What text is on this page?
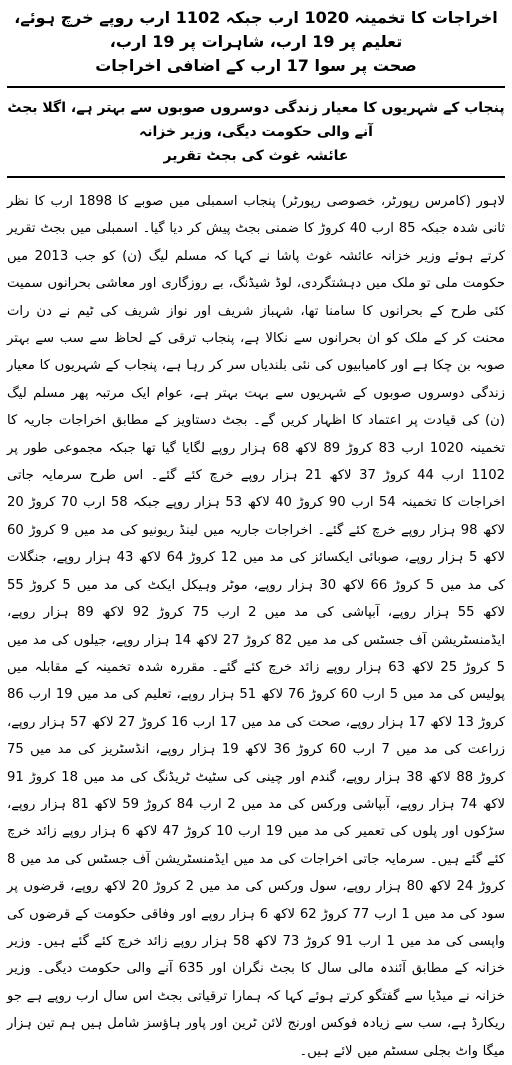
اخراجات کا تخمینہ 1020 ارب جبکہ 1102 ارب روپے خرچ ہوئے، تعلیم پر 19 ارب، شاہرات پر 19 ارب،
صحت پر سوا 17 ارب کے اضافی اخراجات
پنجاب کے شہریوں کا معیار زندگی دوسروں صوبوں سے بہتر ہے، اگلا بجٹ آنے والی حکومت دیگی، وزیر خزانہ
عائشہ غوث کی بجٹ تقریر
لاہور (کامرس رپورٹر، خصوصی رپورٹر) پنجاب اسمبلی میں صوبے کا 1898 ارب کا نظر ثانی شدہ جبکہ 85 ارب 40 کروڑ کا ضمنی بجٹ پیش کر دیا گیا۔ اسمبلی میں بجٹ تقریر کرتے ہوئے وزیر خزانہ عائشہ غوث پاشا نے کہا کہ مسلم لیگ (ن) کو جب 2013 میں حکومت ملی تو ملک میں دہشتگردی، لوڈ شیڈنگ، بے روزگاری اور معاشی بحرانوں سمیت کئی طرح کے بحرانوں کا سامنا تھا، شہباز شریف اور نواز شریف کی ٹیم نے دن رات محنت کر کے ملک کو ان بحرانوں سے نکالا ہے، پنجاب ترقی کے لحاظ سے سب سے بہتر صوبہ بن چکا ہے اور کامیابیوں کی نئی بلندیاں سر کر رہا ہے، پنجاب کے شہریوں کا معیار زندگی دوسروں صوبوں کے شہریوں سے بہت بہتر ہے، عوام ایک مرتبہ پھر مسلم لیگ (ن) کی قیادت پر اعتماد کا اظہار کریں گے۔ بجٹ دستاویز کے مطابق اخراجات جاریہ کا تخمینہ 1020 ارب 83 کروڑ 89 لاکھ 68 ہزار روپے لگایا گیا تھا جبکہ مجموعی طور پر 1102 ارب 44 کروڑ 37 لاکھ 21 ہزار روپے خرچ کئے گئے۔ اس طرح سرمایہ جاتی اخراجات کا تخمینہ 54 ارب 90 کروڑ 40 لاکھ 53 ہزار روپے جبکہ 58 ارب 70 کروڑ 20 لاکھ 98 ہزار روپے خرچ کئے گئے۔ اخراجات جاریہ میں لینڈ ریونیو کی مد میں 9 کروڑ 60 لاکھ 5 ہزار روپے، صوبائی ایکسائز کی مد میں 12 کروڑ 64 لاکھ 43 ہزار روپے، جنگلات کی مد میں 5 کروڑ 66 لاکھ 30 ہزار روپے، موٹر وہیکل ایکٹ کی مد میں 5 کروڑ 55 لاکھ 55 ہزار روپے، آبپاشی کی مد میں 2 ارب 75 کروڑ 92 لاکھ 89 ہزار روپے، ایڈمنسٹریشن آف جسٹس کی مد میں 82 کروڑ 27 لاکھ 14 ہزار روپے، جیلوں کی مد میں 5 کروڑ 25 لاکھ 63 ہزار روپے زائد خرچ کئے گئے۔ مقررہ شدہ تخمینہ کے مقابلہ میں پولیس کی مد میں 5 ارب 60 کروڑ 76 لاکھ 51 ہزار روپے، تعلیم کی مد میں 19 ارب 86 کروڑ 13 لاکھ 17 ہزار روپے، صحت کی مد میں 17 ارب 16 کروڑ 27 لاکھ 57 ہزار روپے، زراعت کی مد میں 7 ارب 60 کروڑ 36 لاکھ 19 ہزار روپے، انڈسٹریز کی مد میں 75 کروڑ 88 لاکھ 38 ہزار روپے، گندم اور چینی کی سٹیٹ ٹریڈنگ کی مد میں 18 کروڑ 91 لاکھ 74 ہزار روپے، آبپاشی ورکس کی مد میں 2 ارب 84 کروڑ 59 لاکھ 81 ہزار روپے، سڑکوں اور پلوں کی تعمیر کی مد میں 19 ارب 10 کروڑ 47 لاکھ 6 ہزار روپے زائد خرچ کئے گئے ہیں۔ سرمایہ جاتی اخراجات کی مد میں ایڈمنسٹریشن آف جسٹس کی مد میں 8 کروڑ 24 لاکھ 80 ہزار روپے، سول ورکس کی مد میں 2 کروڑ 20 لاکھ روپے، قرضوں پر سود کی مد میں 1 ارب 77 کروڑ 62 لاکھ 6 ہزار روپے اور وفاقی حکومت کے قرضوں کی واپسی کی مد میں 1 ارب 91 کروڑ 73 لاکھ 58 ہزار روپے زائد خرچ کئے گئے ہیں۔ وزیر خزانہ کے مطابق آئندہ مالی سال کا بجٹ نگران اور 635 آنے والی حکومت دیگی۔ وزیر خزانہ نے میڈیا سے گفتگو کرتے ہوئے کہا کہ ہمارا ترقیاتی بجٹ اس سال ارب روپے ہے جو ریکارڈ ہے، سب سے زیادہ فوکس اورنج لائن ٹرین اور پاور ہاؤسز شامل ہیں ہم تین ہزار میگا واٹ بجلی سسٹم میں لائے ہیں۔
